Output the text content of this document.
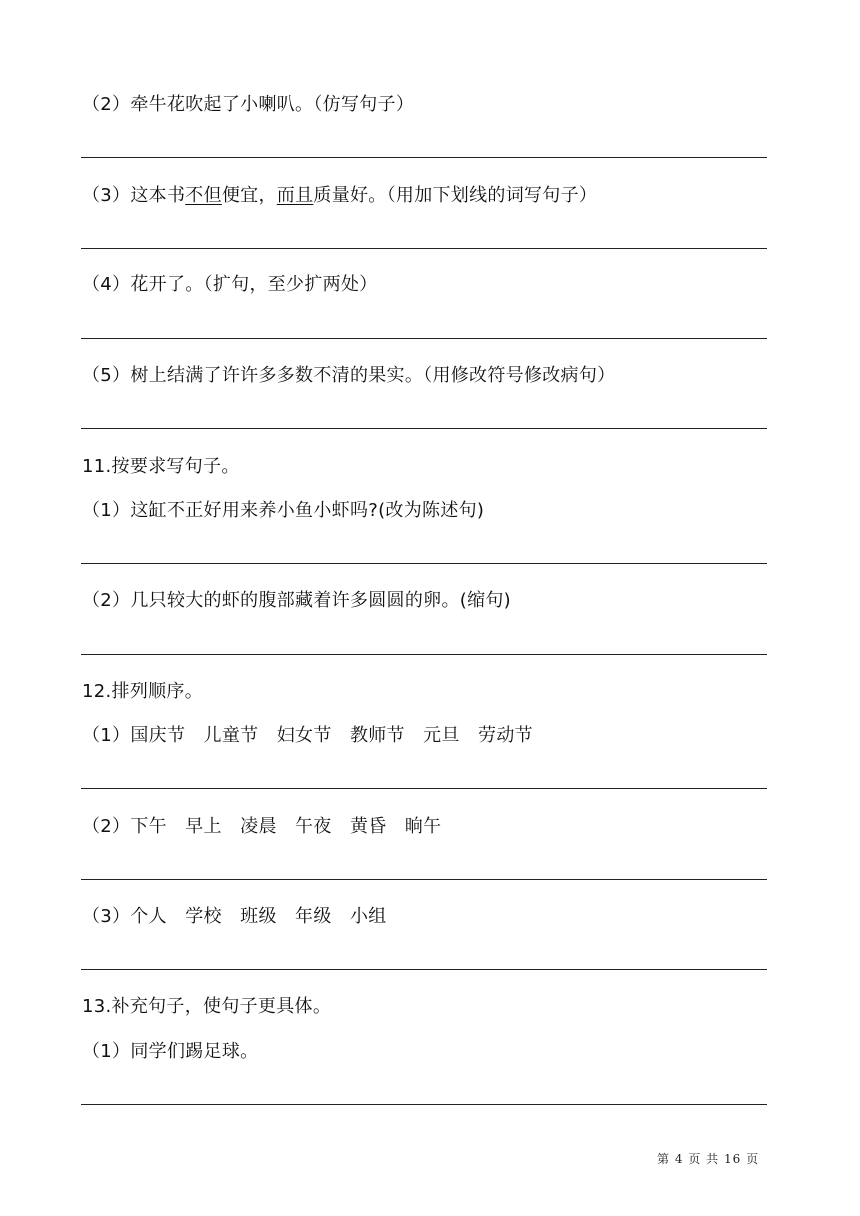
（2）牵牛花吹起了小喇叭。（仿写句子）
（3）这本书不但便宜，而且质量好。（用加下划线的词写句子）
（4）花开了。（扩句，至少扩两处）
（5）树上结满了许许多多数不清的果实。（用修改符号修改病句）
11.按要求写句子。
（1）这缸不正好用来养小鱼小虾吗?(改为陈述句)
（2）几只较大的虾的腹部藏着许多圆圆的卵。(缩句)
12.排列顺序。
（1）国庆节　儿童节　妇女节　教师节　元旦　劳动节
（2）下午　早上　凌晨　午夜　黄昏　晌午
（3）个人　学校　班级　年级　小组
13.补充句子，使句子更具体。
（1）同学们踢足球。
第 4 页 共 16 页
